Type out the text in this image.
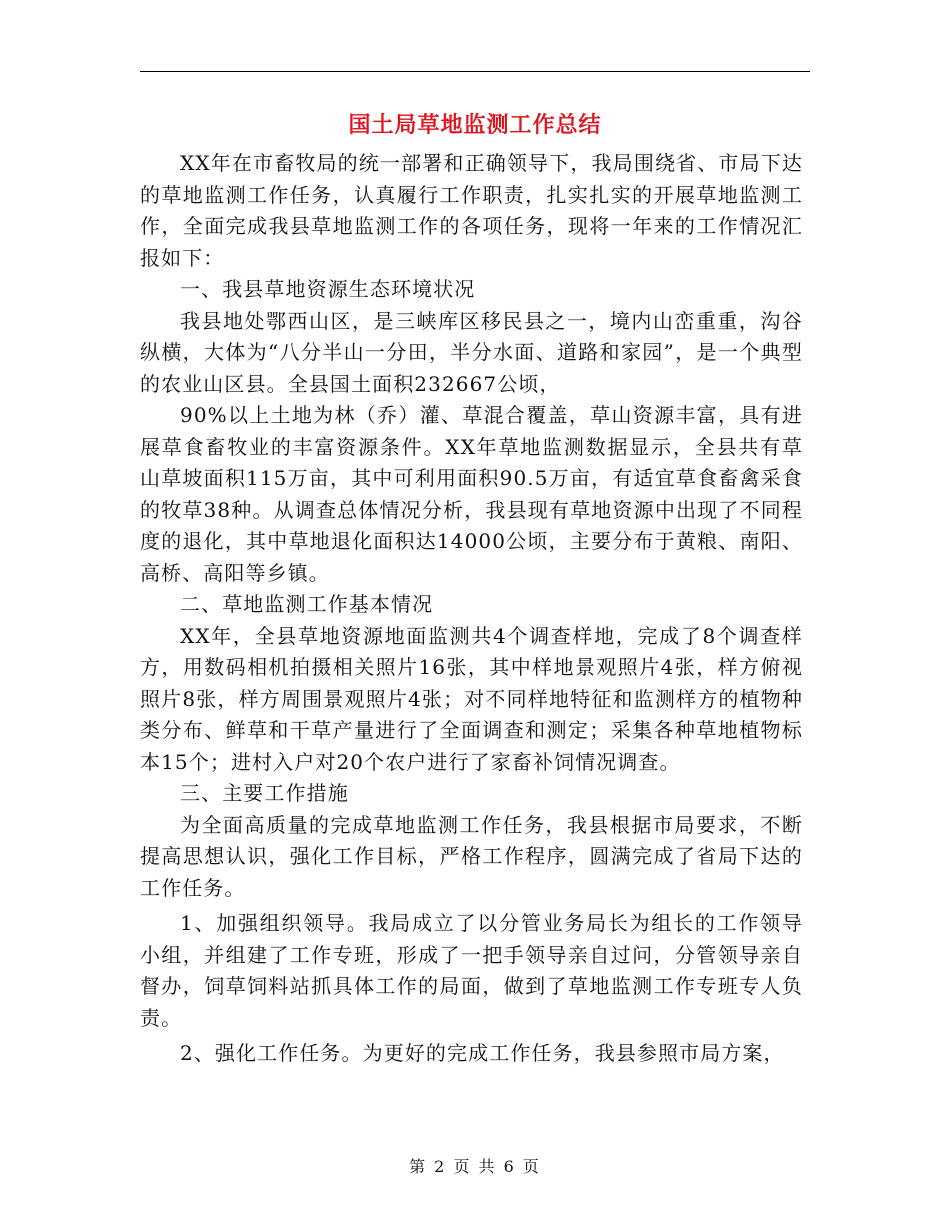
国土局草地监测工作总结

XX年在市畜牧局的统一部署和正确领导下，我局围绕省、市局下达的草地监测工作任务，认真履行工作职责，扎实扎实的开展草地监测工作，全面完成我县草地监测工作的各项任务，现将一年来的工作情况汇报如下：

一、我县草地资源生态环境状况

我县地处鄂西山区，是三峡库区移民县之一，境内山峦重重，沟谷纵横，大体为“八分半山一分田，半分水面、道路和家园”，是一个典型的农业山区县。全县国土面积232667公顷，

90%以上土地为林（乔）灌、草混合覆盖，草山资源丰富，具有进展草食畜牧业的丰富资源条件。XX年草地监测数据显示，全县共有草山草坡面积115万亩，其中可利用面积90.5万亩，有适宜草食畜禽采食的牧草38种。从调查总体情况分析，我县现有草地资源中出现了不同程度的退化，其中草地退化面积达14000公顷，主要分布于黄粮、南阳、高桥、高阳等乡镇。

二、草地监测工作基本情况

XX年，全县草地资源地面监测共4个调查样地，完成了8个调查样方，用数码相机拍摄相关照片16张，其中样地景观照片4张，样方俯视照片8张，样方周围景观照片4张；对不同样地特征和监测样方的植物种类分布、鲜草和干草产量进行了全面调查和测定；采集各种草地植物标本15个；进村入户对20个农户进行了家畜补饲情况调查。

三、主要工作措施

为全面高质量的完成草地监测工作任务，我县根据市局要求，不断提高思想认识，强化工作目标，严格工作程序，圆满完成了省局下达的工作任务。

1、加强组织领导。我局成立了以分管业务局长为组长的工作领导小组，并组建了工作专班，形成了一把手领导亲自过问，分管领导亲自督办，饲草饲料站抓具体工作的局面，做到了草地监测工作专班专人负责。

2、强化工作任务。为更好的完成工作任务，我县参照市局方案，

第 2 页 共 6 页
